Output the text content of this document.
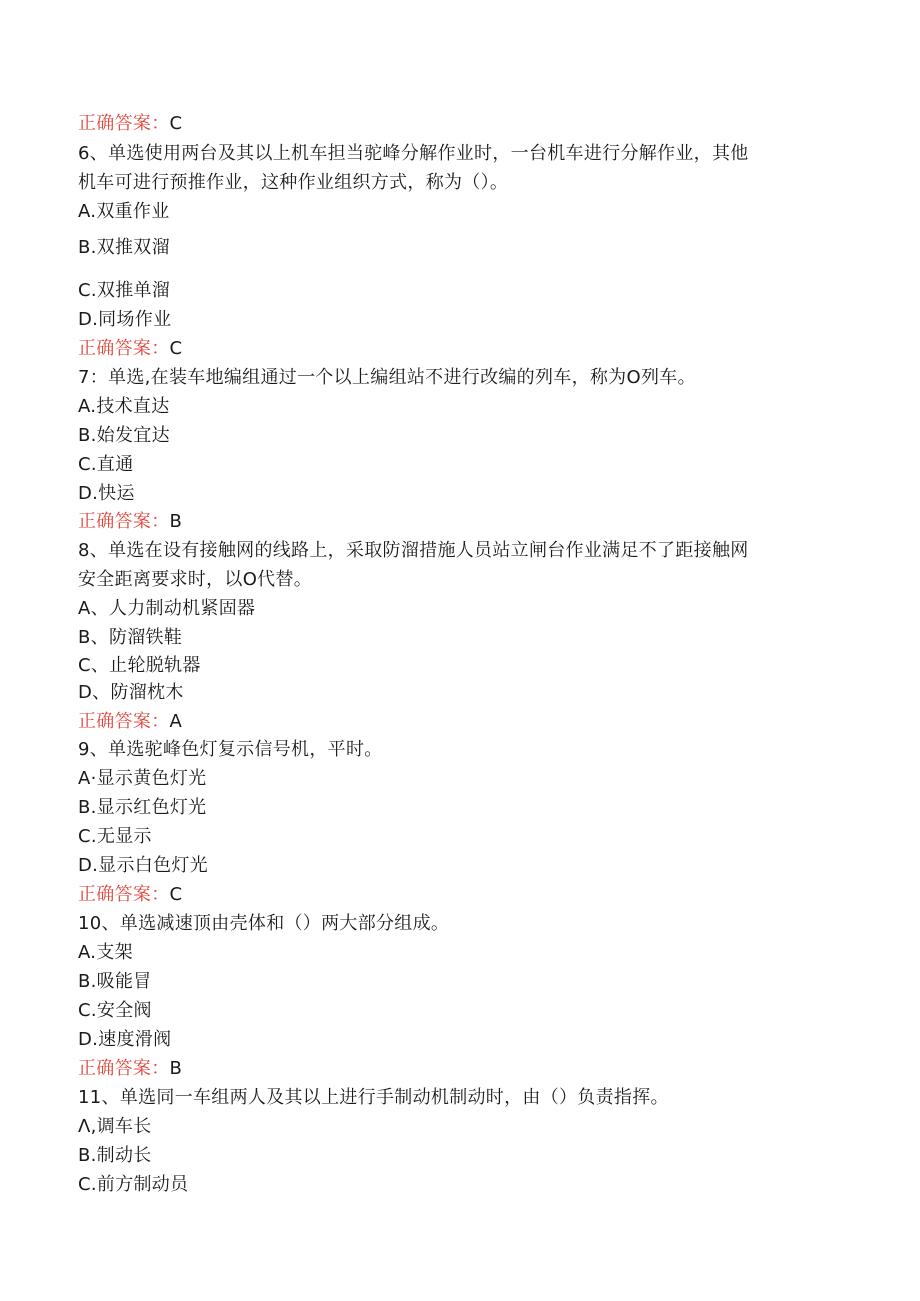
正确答案：C
6、单选使用两台及其以上机车担当驼峰分解作业时，一台机车进行分解作业，其他
机车可进行预推作业，这种作业组织方式，称为（）。
A.双重作业
B.双推双溜
C.双推单溜
D.同场作业
正确答案：C
7：单选,在装车地编组通过一个以上编组站不进行改编的列车，称为O列车。
A.技术直达
B.始发宜达
C.直通
D.快运
正确答案：B
8、单选在设有接触网的线路上，采取防溜措施人员站立闸台作业满足不了距接触网
安全距离要求时，以O代替。
A、人力制动机紧固器
B、防溜铁鞋
C、止轮脱轨器
D、防溜枕木
正确答案：A
9、单选驼峰色灯复示信号机，平时。
A·显示黄色灯光
B.显示红色灯光
C.无显示
D.显示白色灯光
正确答案：C
10、单选减速顶由壳体和（）两大部分组成。
A.支架
B.吸能冒
C.安全阀
D.速度滑阀
正确答案：B
11、单选同一车组两人及其以上进行手制动机制动时，由（）负责指挥。
Λ,调车长
B.制动长
C.前方制动员
